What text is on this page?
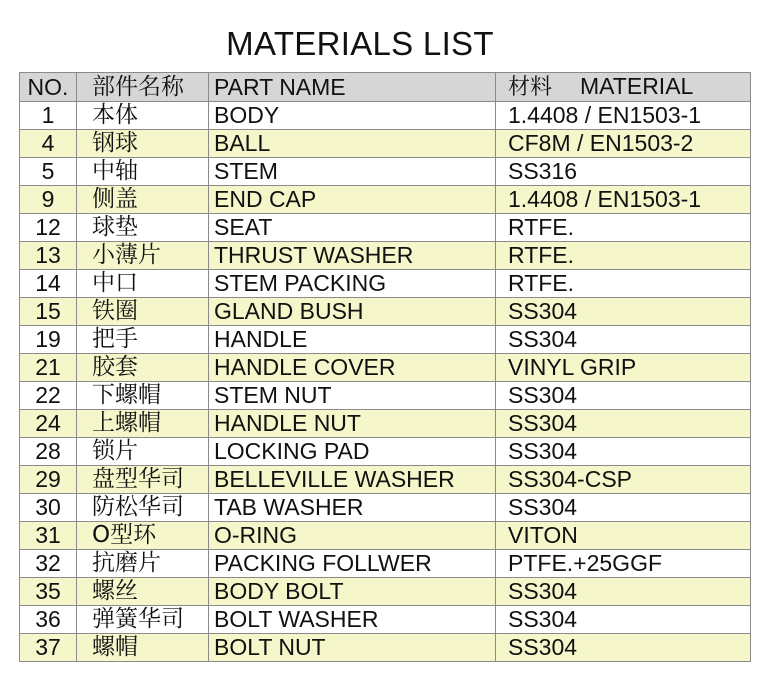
MATERIALS LIST
NO.	部件名称	PART NAME	材料 MATERIAL
1	本体	BODY	1.4408 / EN1503-1
4	钢球	BALL	CF8M / EN1503-2
5	中轴	STEM	SS316
9	侧盖	END CAP	1.4408 / EN1503-1
12	球垫	SEAT	RTFE.
13	小薄片	THRUST WASHER	RTFE.
14	中口	STEM PACKING	RTFE.
15	铁圈	GLAND BUSH	SS304
19	把手	HANDLE	SS304
21	胶套	HANDLE COVER	VINYL GRIP
22	下螺帽	STEM NUT	SS304
24	上螺帽	HANDLE NUT	SS304
28	锁片	LOCKING PAD	SS304
29	盘型华司	BELLEVILLE WASHER	SS304-CSP
30	防松华司	TAB WASHER	SS304
31	O型环	O-RING	VITON
32	抗磨片	PACKING FOLLWER	PTFE.+25GGF
35	螺丝	BODY BOLT	SS304
36	弹簧华司	BOLT WASHER	SS304
37	螺帽	BOLT NUT	SS304
